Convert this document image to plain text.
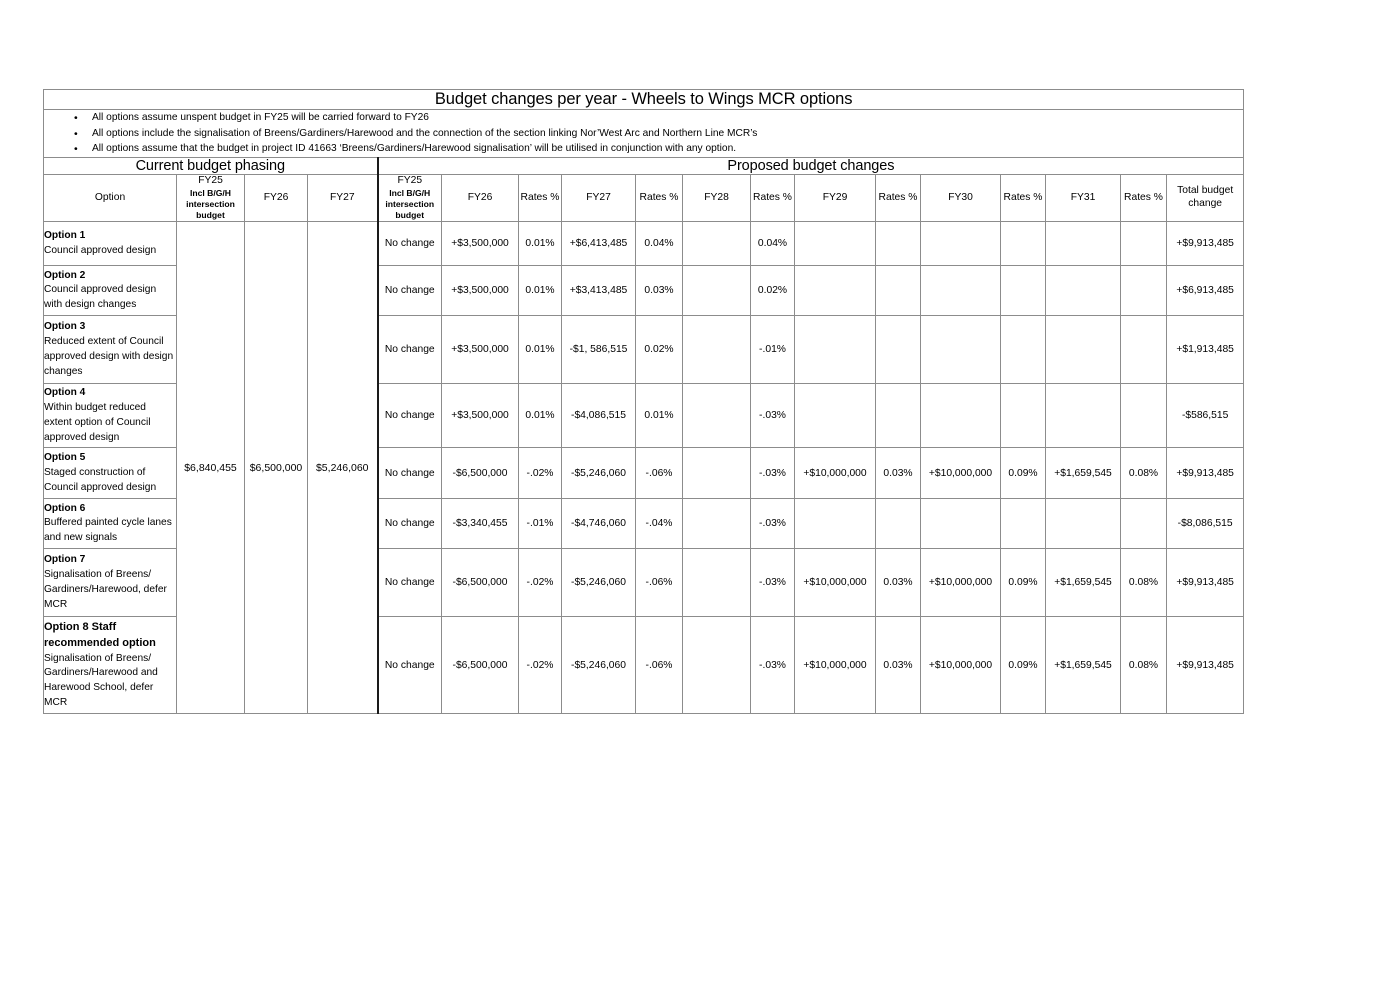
Budget changes per year - Wheels to Wings MCR options																	

• All options assume unspent budget in FY25 will be carried forward to FY26
• All options include the signalisation of Breens/Gardiners/Harewood and the connection of the section linking Nor’West Arc and Northern Line MCR’s
• All options assume that the budget in project ID 41663 ‘Breens/Gardiners/Harewood signalisation’ will be utilised in conjunction with any option.

Current budget phasing				Proposed budget changes													
Option	FY25
Incl B/G/H intersection budget	FY26	FY27	FY25
Incl B/G/H intersection budget	FY26	Rates %	FY27	Rates %	FY28	Rates %	FY29	Rates %	FY30	Rates %	FY31	Rates %	Total budget change

Option 1
Council approved design	$6,840,455	$6,500,000	$5,246,060	No change	+$3,500,000	0.01%	+$6,413,485	0.04%		0.04%							+$9,913,485

Option 2
Council approved design with design changes				No change	+$3,500,000	0.01%	+$3,413,485	0.03%		0.02%							+$6,913,485

Option 3
Reduced extent of Council approved design with design changes				No change	+$3,500,000	0.01%	-$1, 586,515	0.02%		-.01%							+$1,913,485

Option 4
Within budget reduced extent option of Council approved design				No change	+$3,500,000	0.01%	-$4,086,515	0.01%		-.03%							-$586,515

Option 5
Staged construction of Council approved design				No change	-$6,500,000	-.02%	-$5,246,060	-.06%		-.03%	+$10,000,000	0.03%	+$10,000,000	0.09%	+$1,659,545	0.08%	+$9,913,485

Option 6
Buffered painted cycle lanes and new signals				No change	-$3,340,455	-.01%	-$4,746,060	-.04%		-.03%							-$8,086,515

Option 7
Signalisation of Breens/ Gardiners/Harewood, defer MCR				No change	-$6,500,000	-.02%	-$5,246,060	-.06%		-.03%	+$10,000,000	0.03%	+$10,000,000	0.09%	+$1,659,545	0.08%	+$9,913,485

Option 8 Staff recommended option
Signalisation of Breens/ Gardiners/Harewood and Harewood School, defer MCR				No change	-$6,500,000	-.02%	-$5,246,060	-.06%		-.03%	+$10,000,000	0.03%	+$10,000,000	0.09%	+$1,659,545	0.08%	+$9,913,485
